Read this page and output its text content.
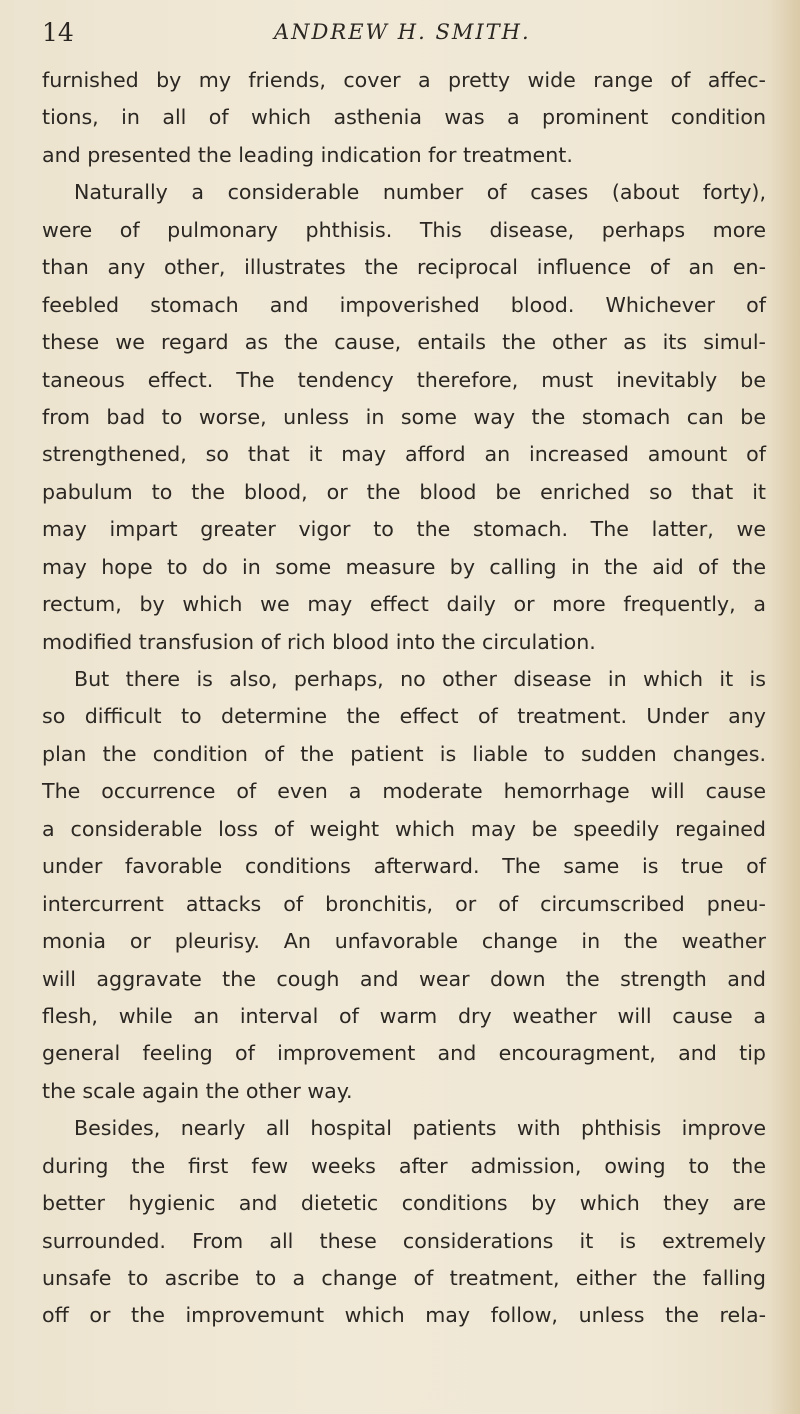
14	ANDREW H. SMITH.
furnished by my friends, cover a pretty wide range of affec-
tions, in all of which asthenia was a prominent condition
and presented the leading indication for treatment.
Naturally a considerable number of cases (about forty),
were of pulmonary phthisis. This disease, perhaps more
than any other, illustrates the reciprocal influence of an en-
feebled stomach and impoverished blood. Whichever of
these we regard as the cause, entails the other as its simul-
taneous effect. The tendency therefore, must inevitably be
from bad to worse, unless in some way the stomach can be
strengthened, so that it may afford an increased amount of
pabulum to the blood, or the blood be enriched so that it
may impart greater vigor to the stomach. The latter, we
may hope to do in some measure by calling in the aid of the
rectum, by which we may effect daily or more frequently, a
modified transfusion of rich blood into the circulation.
But there is also, perhaps, no other disease in which it is
so difficult to determine the effect of treatment. Under any
plan the condition of the patient is liable to sudden changes.
The occurrence of even a moderate hemorrhage will cause
a considerable loss of weight which may be speedily regained
under favorable conditions afterward. The same is true of
intercurrent attacks of bronchitis, or of circumscribed pneu-
monia or pleurisy. An unfavorable change in the weather
will aggravate the cough and wear down the strength and
flesh, while an interval of warm dry weather will cause a
general feeling of improvement and encouragment, and tip
the scale again the other way.
Besides, nearly all hospital patients with phthisis improve
during the first few weeks after admission, owing to the
better hygienic and dietetic conditions by which they are
surrounded. From all these considerations it is extremely
unsafe to ascribe to a change of treatment, either the falling
off or the improvemunt which may follow, unless the rela-
